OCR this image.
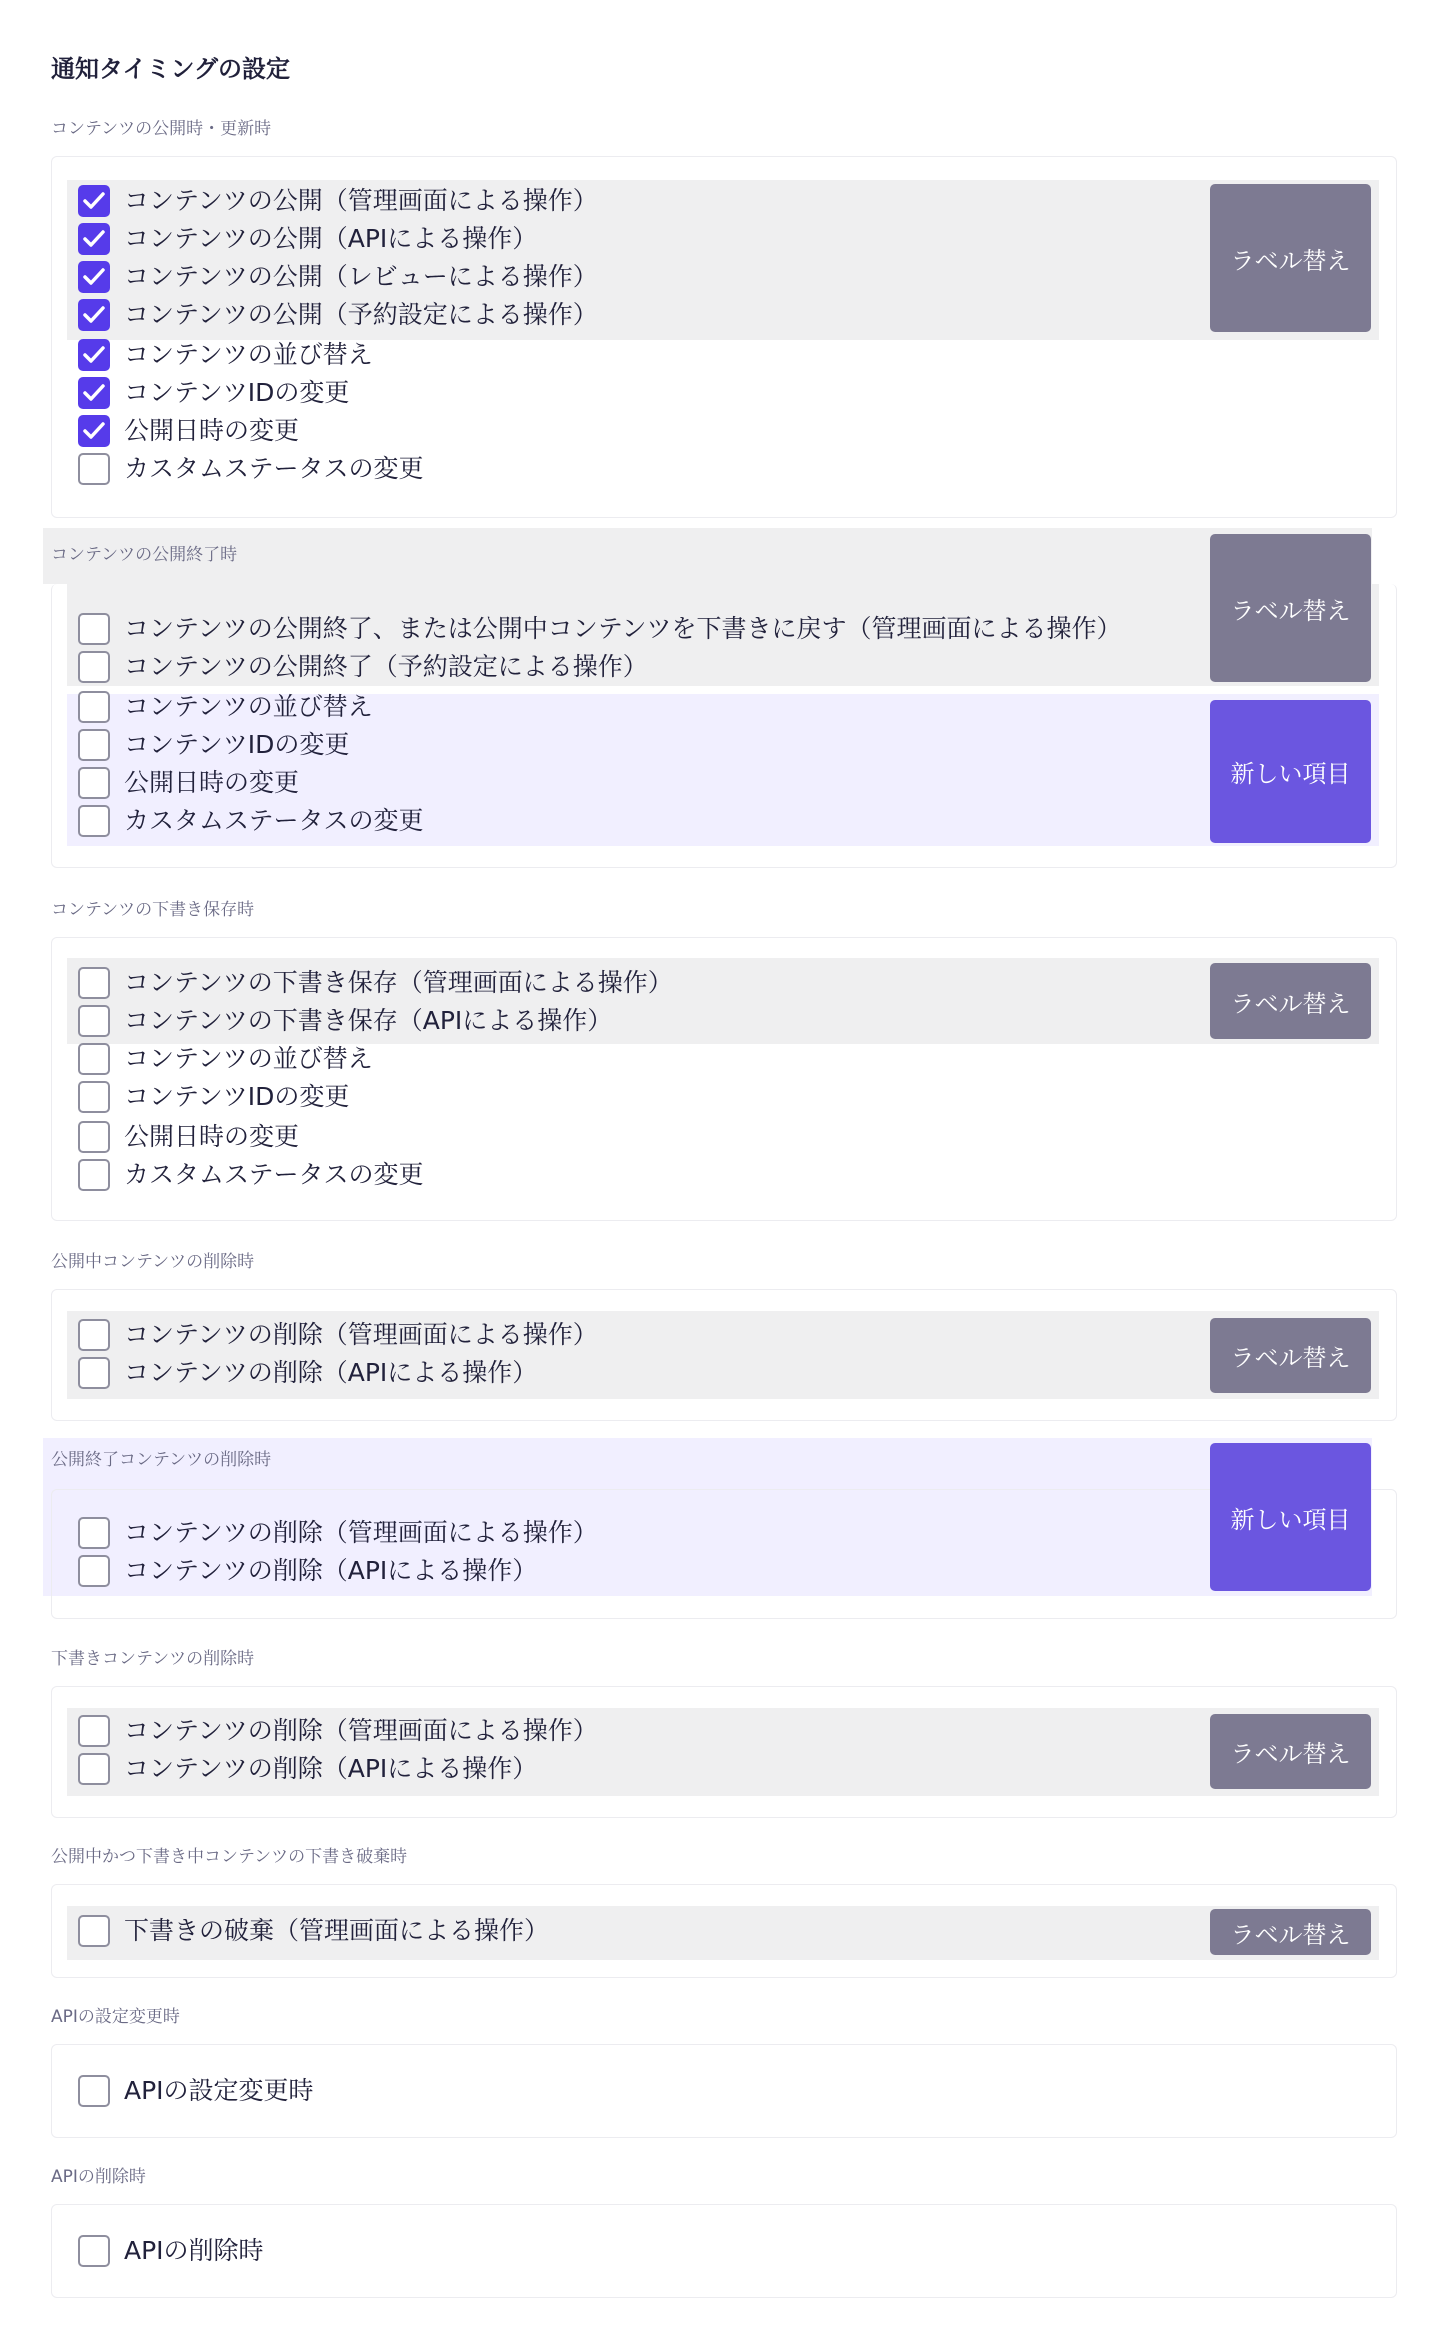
通知タイミングの設定
コンテンツの公開時・更新時
コンテンツの公開（管理画面による操作）
コンテンツの公開（APIによる操作）
コンテンツの公開（レビューによる操作）
コンテンツの公開（予約設定による操作）
コンテンツの並び替え
コンテンツIDの変更
公開日時の変更
カスタムステータスの変更
ラベル替え
コンテンツの公開終了時
コンテンツの公開終了、または公開中コンテンツを下書きに戻す（管理画面による操作）
コンテンツの公開終了（予約設定による操作）
コンテンツの並び替え
コンテンツIDの変更
公開日時の変更
カスタムステータスの変更
ラベル替え
新しい項目
コンテンツの下書き保存時
コンテンツの下書き保存（管理画面による操作）
コンテンツの下書き保存（APIによる操作）
コンテンツの並び替え
コンテンツIDの変更
公開日時の変更
カスタムステータスの変更
ラベル替え
公開中コンテンツの削除時
コンテンツの削除（管理画面による操作）
コンテンツの削除（APIによる操作）	ラベル替え
公開終了コンテンツの削除時
コンテンツの削除（管理画面による操作）
コンテンツの削除（APIによる操作）
新しい項目
下書きコンテンツの削除時
コンテンツの削除（管理画面による操作）
コンテンツの削除（APIによる操作）	ラベル替え
公開中かつ下書き中コンテンツの下書き破棄時
下書きの破棄（管理画面による操作）	ラベル替え
APIの設定変更時
APIの設定変更時
APIの削除時
APIの削除時
